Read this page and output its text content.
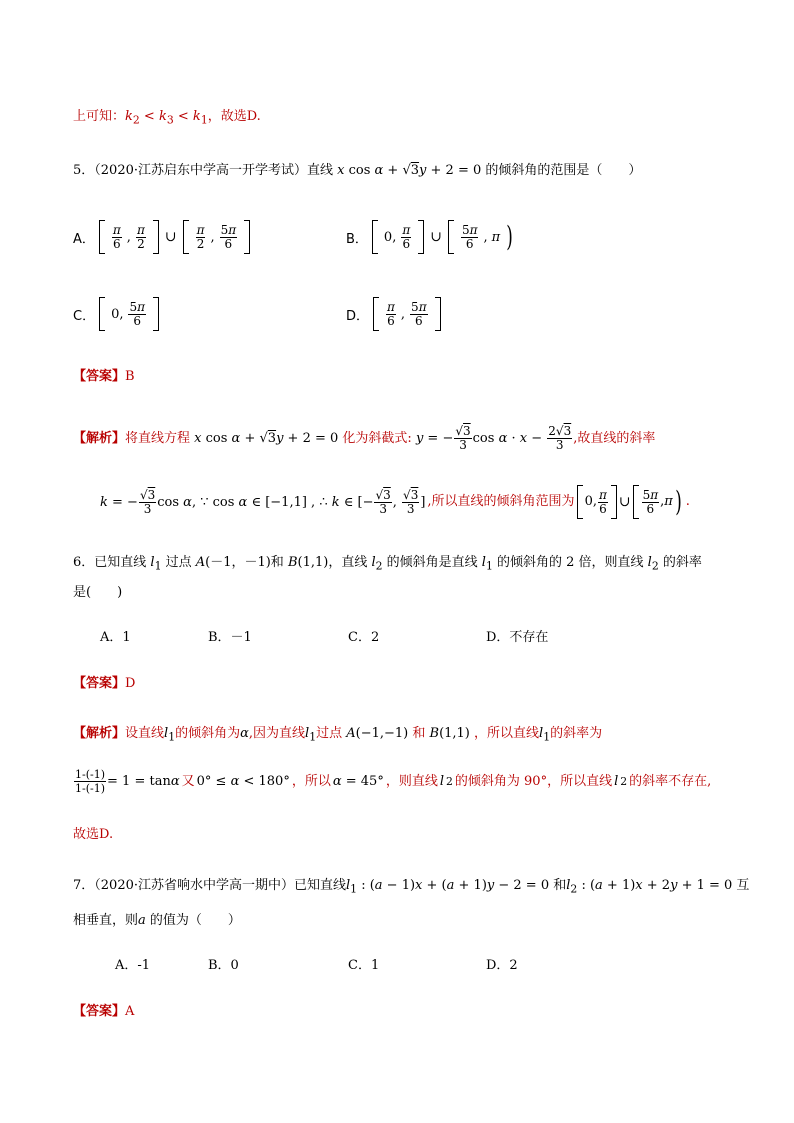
上可知：$k_2 < k_3 < k_1$，故选D.
5．（2020·江苏启东中学高一开学考试）直线 x cos α + √3y + 2 = 0 的倾斜角的范围是（　　）
A． $\frac{\pi}{6}$ , $\frac{\pi}{2}$ ∪ $\frac{\pi}{2}$ , $\frac{5\pi}{6}$	B． 0, $\frac{\pi}{6}$ ∪ $\frac{5\pi}{6}$ , π )
C． 0, $\frac{5\pi}{6}$	D． $\frac{\pi}{6}$ , $\frac{5\pi}{6}$
【答案】B
【解析】将直线方程 x cos α + √3y + 2 = 0 化为斜截式: y = − $\frac{√3}{3}$ $\cos \alpha \cdot x - \frac{2√3}{3}$ ,故直线的斜率
k = − $\frac{√3}{3}$ cos α, ∵ cos α ∈ [−1,1] , ∴ k ∈ [− $\frac{√3}{3}$ , $\frac{√3}{3}$ ] ,所以直线的倾斜角范围为 0, $\frac{\pi}{6}$ ∪ $\frac{5\pi}{6}$ , π ) .
6．已知直线 $l_1$ 过点 A(－1，－1)和 B(1,1)，直线 $l_2$ 的倾斜角是直线 $l_1$ 的倾斜角的 2 倍，则直线 $l_2$ 的斜率
是(　　)
A．1	B．－1	C．2	D．不存在
【答案】D
【解析】设直线$l_1$的倾斜角为α,因为直线$l_1$过点 A(−1,−1) 和 B(1,1) ，所以直线$l_1$的斜率为
$\frac{1-(-1)}{1-(-1)} = 1 = \tan \alpha$ 又 0° ≤ α < 180° ，所以 α = 45° ，则直线 l 2 的倾斜角为 90°，所以直线 l 2 的斜率不存在,
故选D.
7．（2020·江苏省响水中学高一期中）已知直线$l_1$ : (a − 1)x + (a + 1)y − 2 = 0 和$l_2$ : (a + 1)x + 2y + 1 = 0 互
相垂直，则a 的值为（　　）
A．-1	B．0	C．1	D．2
【答案】A
